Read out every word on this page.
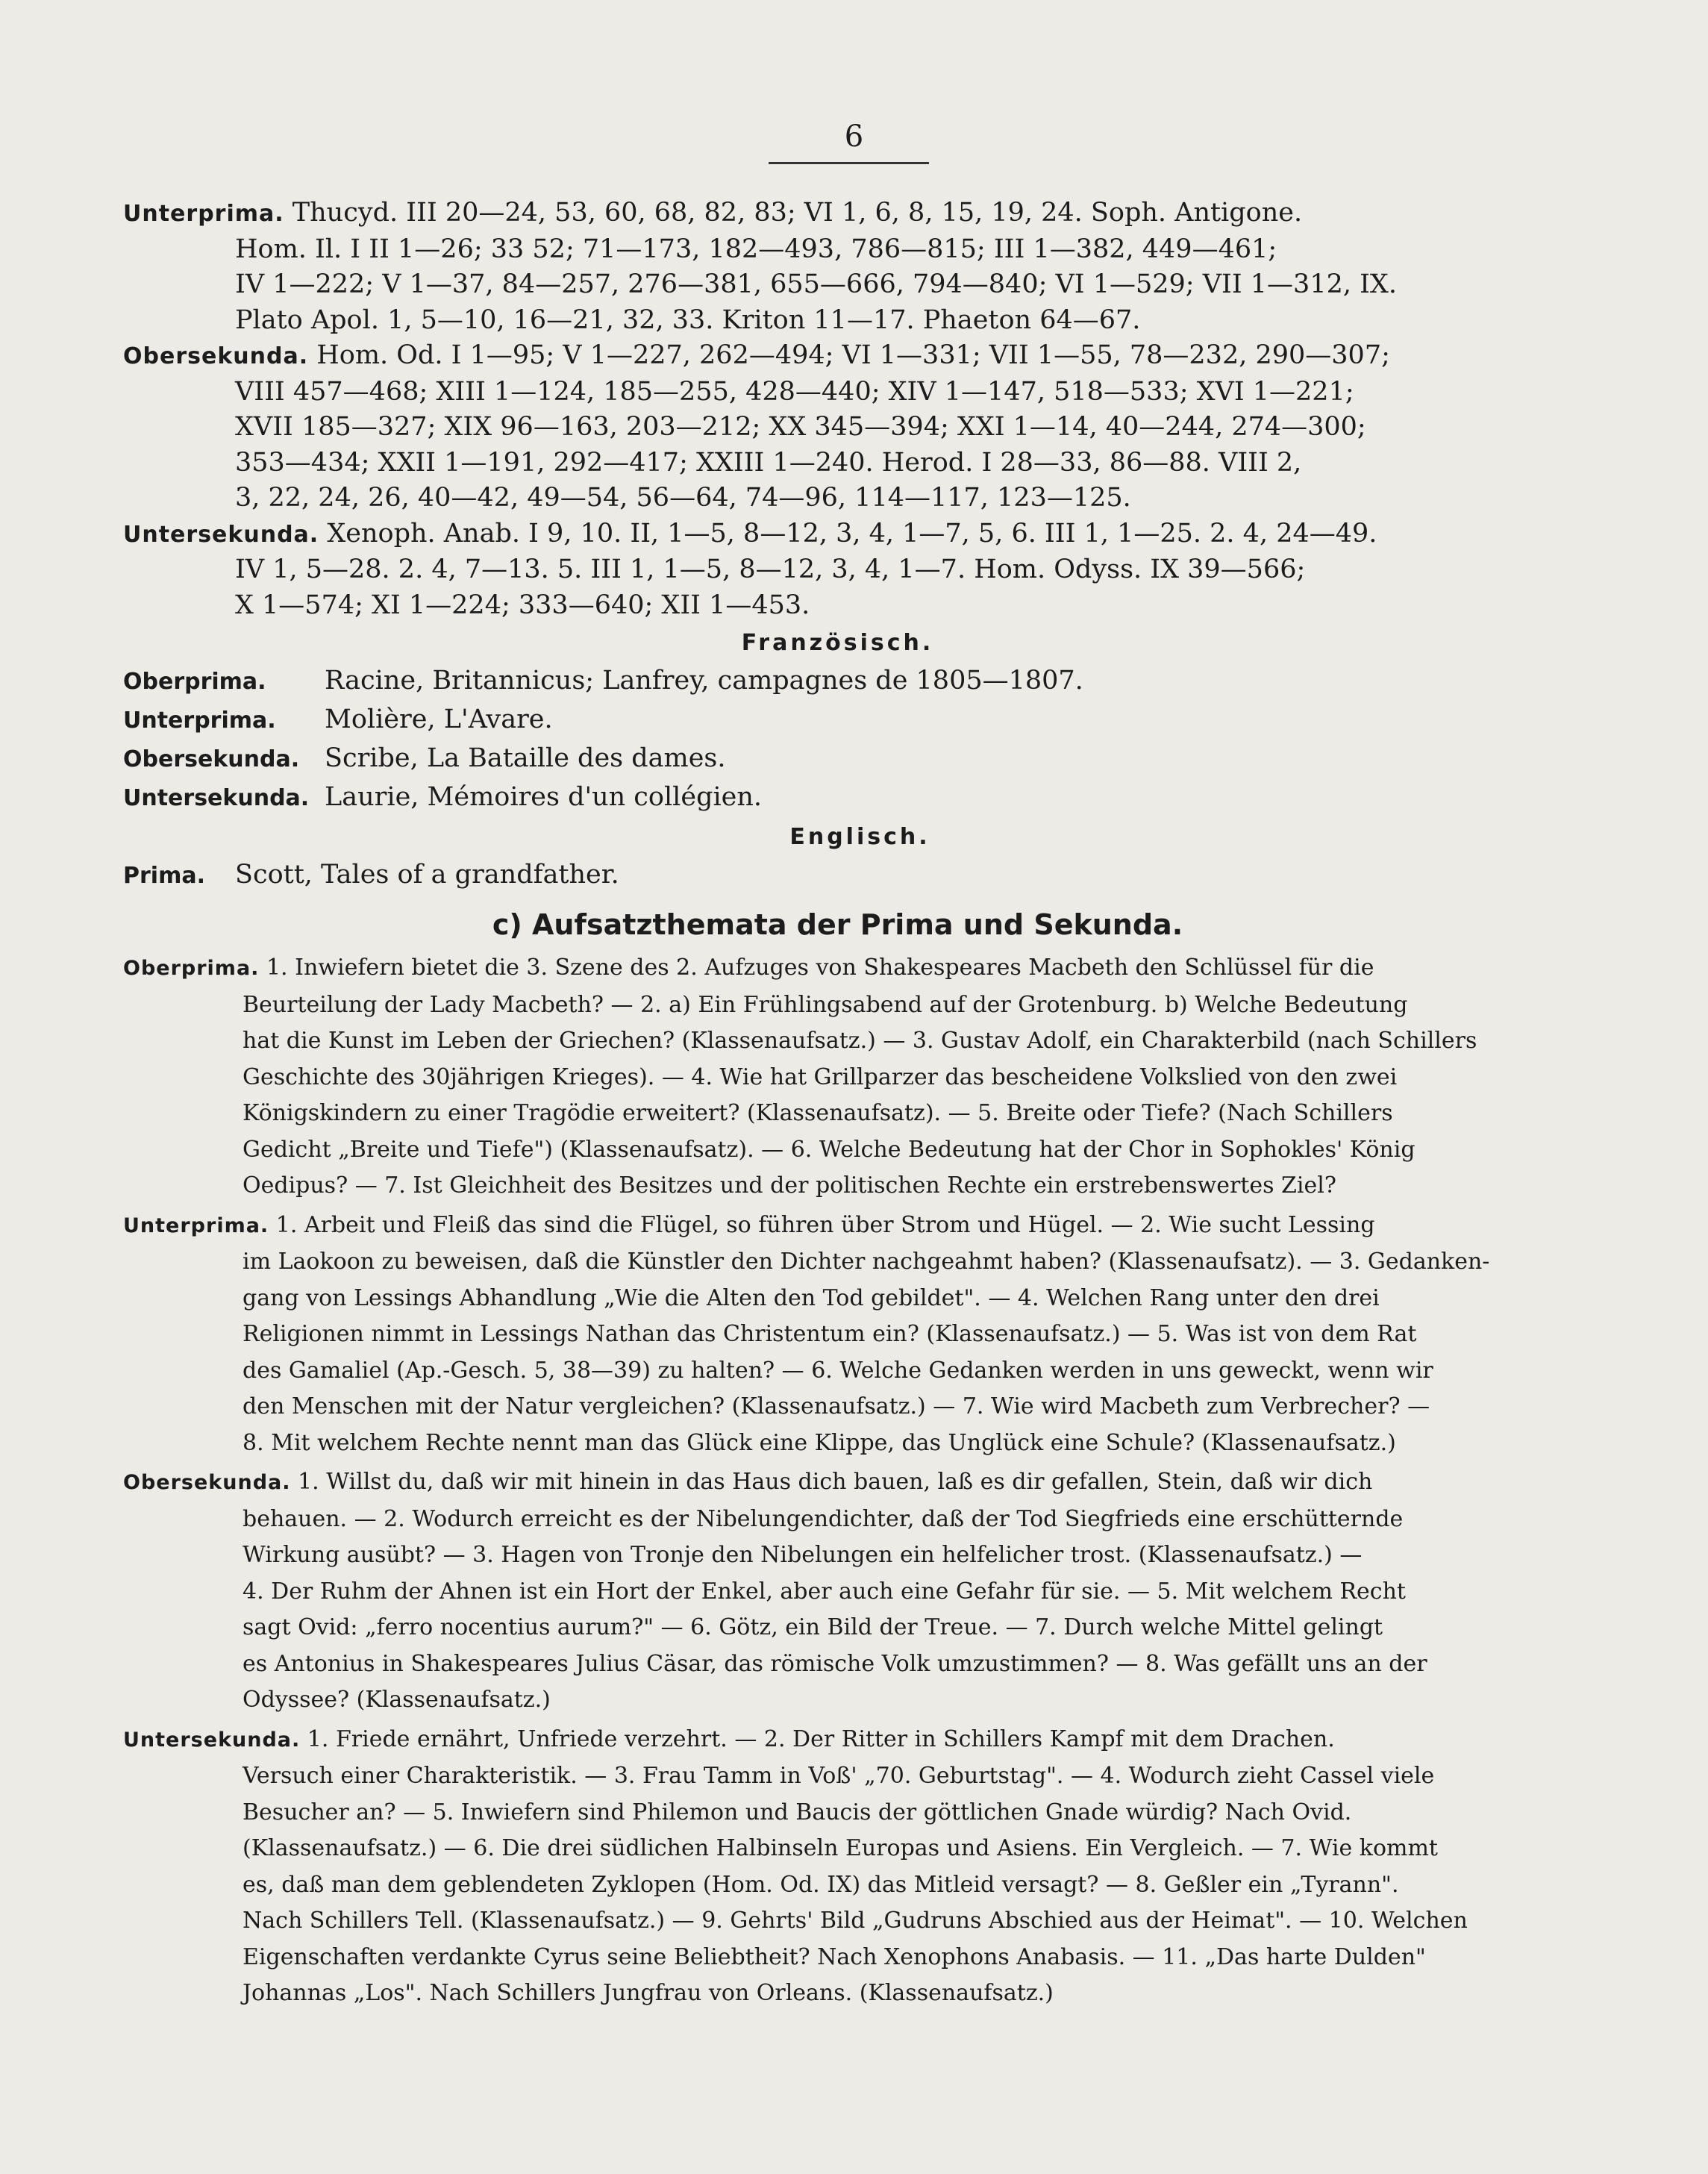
6

Unterprima. Thucyd. III 20—24, 53, 60, 68, 82, 83; VI 1, 6, 8, 15, 19, 24. Soph. Antigone.
Hom. Il. I II 1—26; 33 52; 71—173, 182—493, 786—815; III 1—382, 449—461;
IV 1—222; V 1—37, 84—257, 276—381, 655—666, 794—840; VI 1—529; VII 1—312, IX.
Plato Apol. 1, 5—10, 16—21, 32, 33. Kriton 11—17. Phaeton 64—67.

Obersekunda. Hom. Od. I 1—95; V 1—227, 262—494; VI 1—331; VII 1—55, 78—232, 290—307;
VIII 457—468; XIII 1—124, 185—255, 428—440; XIV 1—147, 518—533; XVI 1—221;
XVII 185—327; XIX 96—163, 203—212; XX 345—394; XXI 1—14, 40—244, 274—300;
353—434; XXII 1—191, 292—417; XXIII 1—240. Herod. I 28—33, 86—88. VIII 2,
3, 22, 24, 26, 40—42, 49—54, 56—64, 74—96, 114—117, 123—125.

Untersekunda. Xenoph. Anab. I 9, 10. II, 1—5, 8—12, 3, 4, 1—7, 5, 6. III 1, 1—25. 2. 4, 24—49.
IV 1, 5—28. 2. 4, 7—13. 5. III 1, 1—5, 8—12, 3, 4, 1—7. Hom. Odyss. IX 39—566;
X 1—574; XI 1—224; 333—640; XII 1—453.

Französisch.

Oberprima. Racine, Britannicus; Lanfrey, campagnes de 1805—1807.

Unterprima. Molière, L'Avare.

Obersekunda. Scribe, La Bataille des dames.

Untersekunda. Laurie, Mémoires d'un collégien.

Englisch.

Prima. Scott, Tales of a grandfather.

c) Aufsatzthemata der Prima und Sekunda.

Oberprima. 1. Inwiefern bietet die 3. Szene des 2. Aufzuges von Shakespeares Macbeth den Schlüssel für die
Beurteilung der Lady Macbeth? — 2. a) Ein Frühlingsabend auf der Grotenburg. b) Welche Bedeutung
hat die Kunst im Leben der Griechen? (Klassenaufsatz.) — 3. Gustav Adolf, ein Charakterbild (nach Schillers
Geschichte des 30jährigen Krieges). — 4. Wie hat Grillparzer das bescheidene Volkslied von den zwei
Königskindern zu einer Tragödie erweitert? (Klassenaufsatz). — 5. Breite oder Tiefe? (Nach Schillers
Gedicht „Breite und Tiefe") (Klassenaufsatz). — 6. Welche Bedeutung hat der Chor in Sophokles' König
Oedipus? — 7. Ist Gleichheit des Besitzes und der politischen Rechte ein erstrebenswertes Ziel?

Unterprima. 1. Arbeit und Fleiß das sind die Flügel, so führen über Strom und Hügel. — 2. Wie sucht Lessing
im Laokoon zu beweisen, daß die Künstler den Dichter nachgeahmt haben? (Klassenaufsatz). — 3. Gedanken-
gang von Lessings Abhandlung „Wie die Alten den Tod gebildet". — 4. Welchen Rang unter den drei
Religionen nimmt in Lessings Nathan das Christentum ein? (Klassenaufsatz.) — 5. Was ist von dem Rat
des Gamaliel (Ap.-Gesch. 5, 38—39) zu halten? — 6. Welche Gedanken werden in uns geweckt, wenn wir
den Menschen mit der Natur vergleichen? (Klassenaufsatz.) — 7. Wie wird Macbeth zum Verbrecher? —
8. Mit welchem Rechte nennt man das Glück eine Klippe, das Unglück eine Schule? (Klassenaufsatz.)

Obersekunda. 1. Willst du, daß wir mit hinein in das Haus dich bauen, laß es dir gefallen, Stein, daß wir dich
behauen. — 2. Wodurch erreicht es der Nibelungendichter, daß der Tod Siegfrieds eine erschütternde
Wirkung ausübt? — 3. Hagen von Tronje den Nibelungen ein helfelicher trost. (Klassenaufsatz.) —
4. Der Ruhm der Ahnen ist ein Hort der Enkel, aber auch eine Gefahr für sie. — 5. Mit welchem Recht
sagt Ovid: „ferro nocentius aurum?" — 6. Götz, ein Bild der Treue. — 7. Durch welche Mittel gelingt
es Antonius in Shakespeares Julius Cäsar, das römische Volk umzustimmen? — 8. Was gefällt uns an der
Odyssee? (Klassenaufsatz.)

Untersekunda. 1. Friede ernährt, Unfriede verzehrt. — 2. Der Ritter in Schillers Kampf mit dem Drachen.
Versuch einer Charakteristik. — 3. Frau Tamm in Voß' „70. Geburtstag". — 4. Wodurch zieht Cassel viele
Besucher an? — 5. Inwiefern sind Philemon und Baucis der göttlichen Gnade würdig? Nach Ovid.
(Klassenaufsatz.) — 6. Die drei südlichen Halbinseln Europas und Asiens. Ein Vergleich. — 7. Wie kommt
es, daß man dem geblendeten Zyklopen (Hom. Od. IX) das Mitleid versagt? — 8. Geßler ein „Tyrann".
Nach Schillers Tell. (Klassenaufsatz.) — 9. Gehrts' Bild „Gudruns Abschied aus der Heimat". — 10. Welchen
Eigenschaften verdankte Cyrus seine Beliebtheit? Nach Xenophons Anabasis. — 11. „Das harte Dulden"
Johannas „Los". Nach Schillers Jungfrau von Orleans. (Klassenaufsatz.)
